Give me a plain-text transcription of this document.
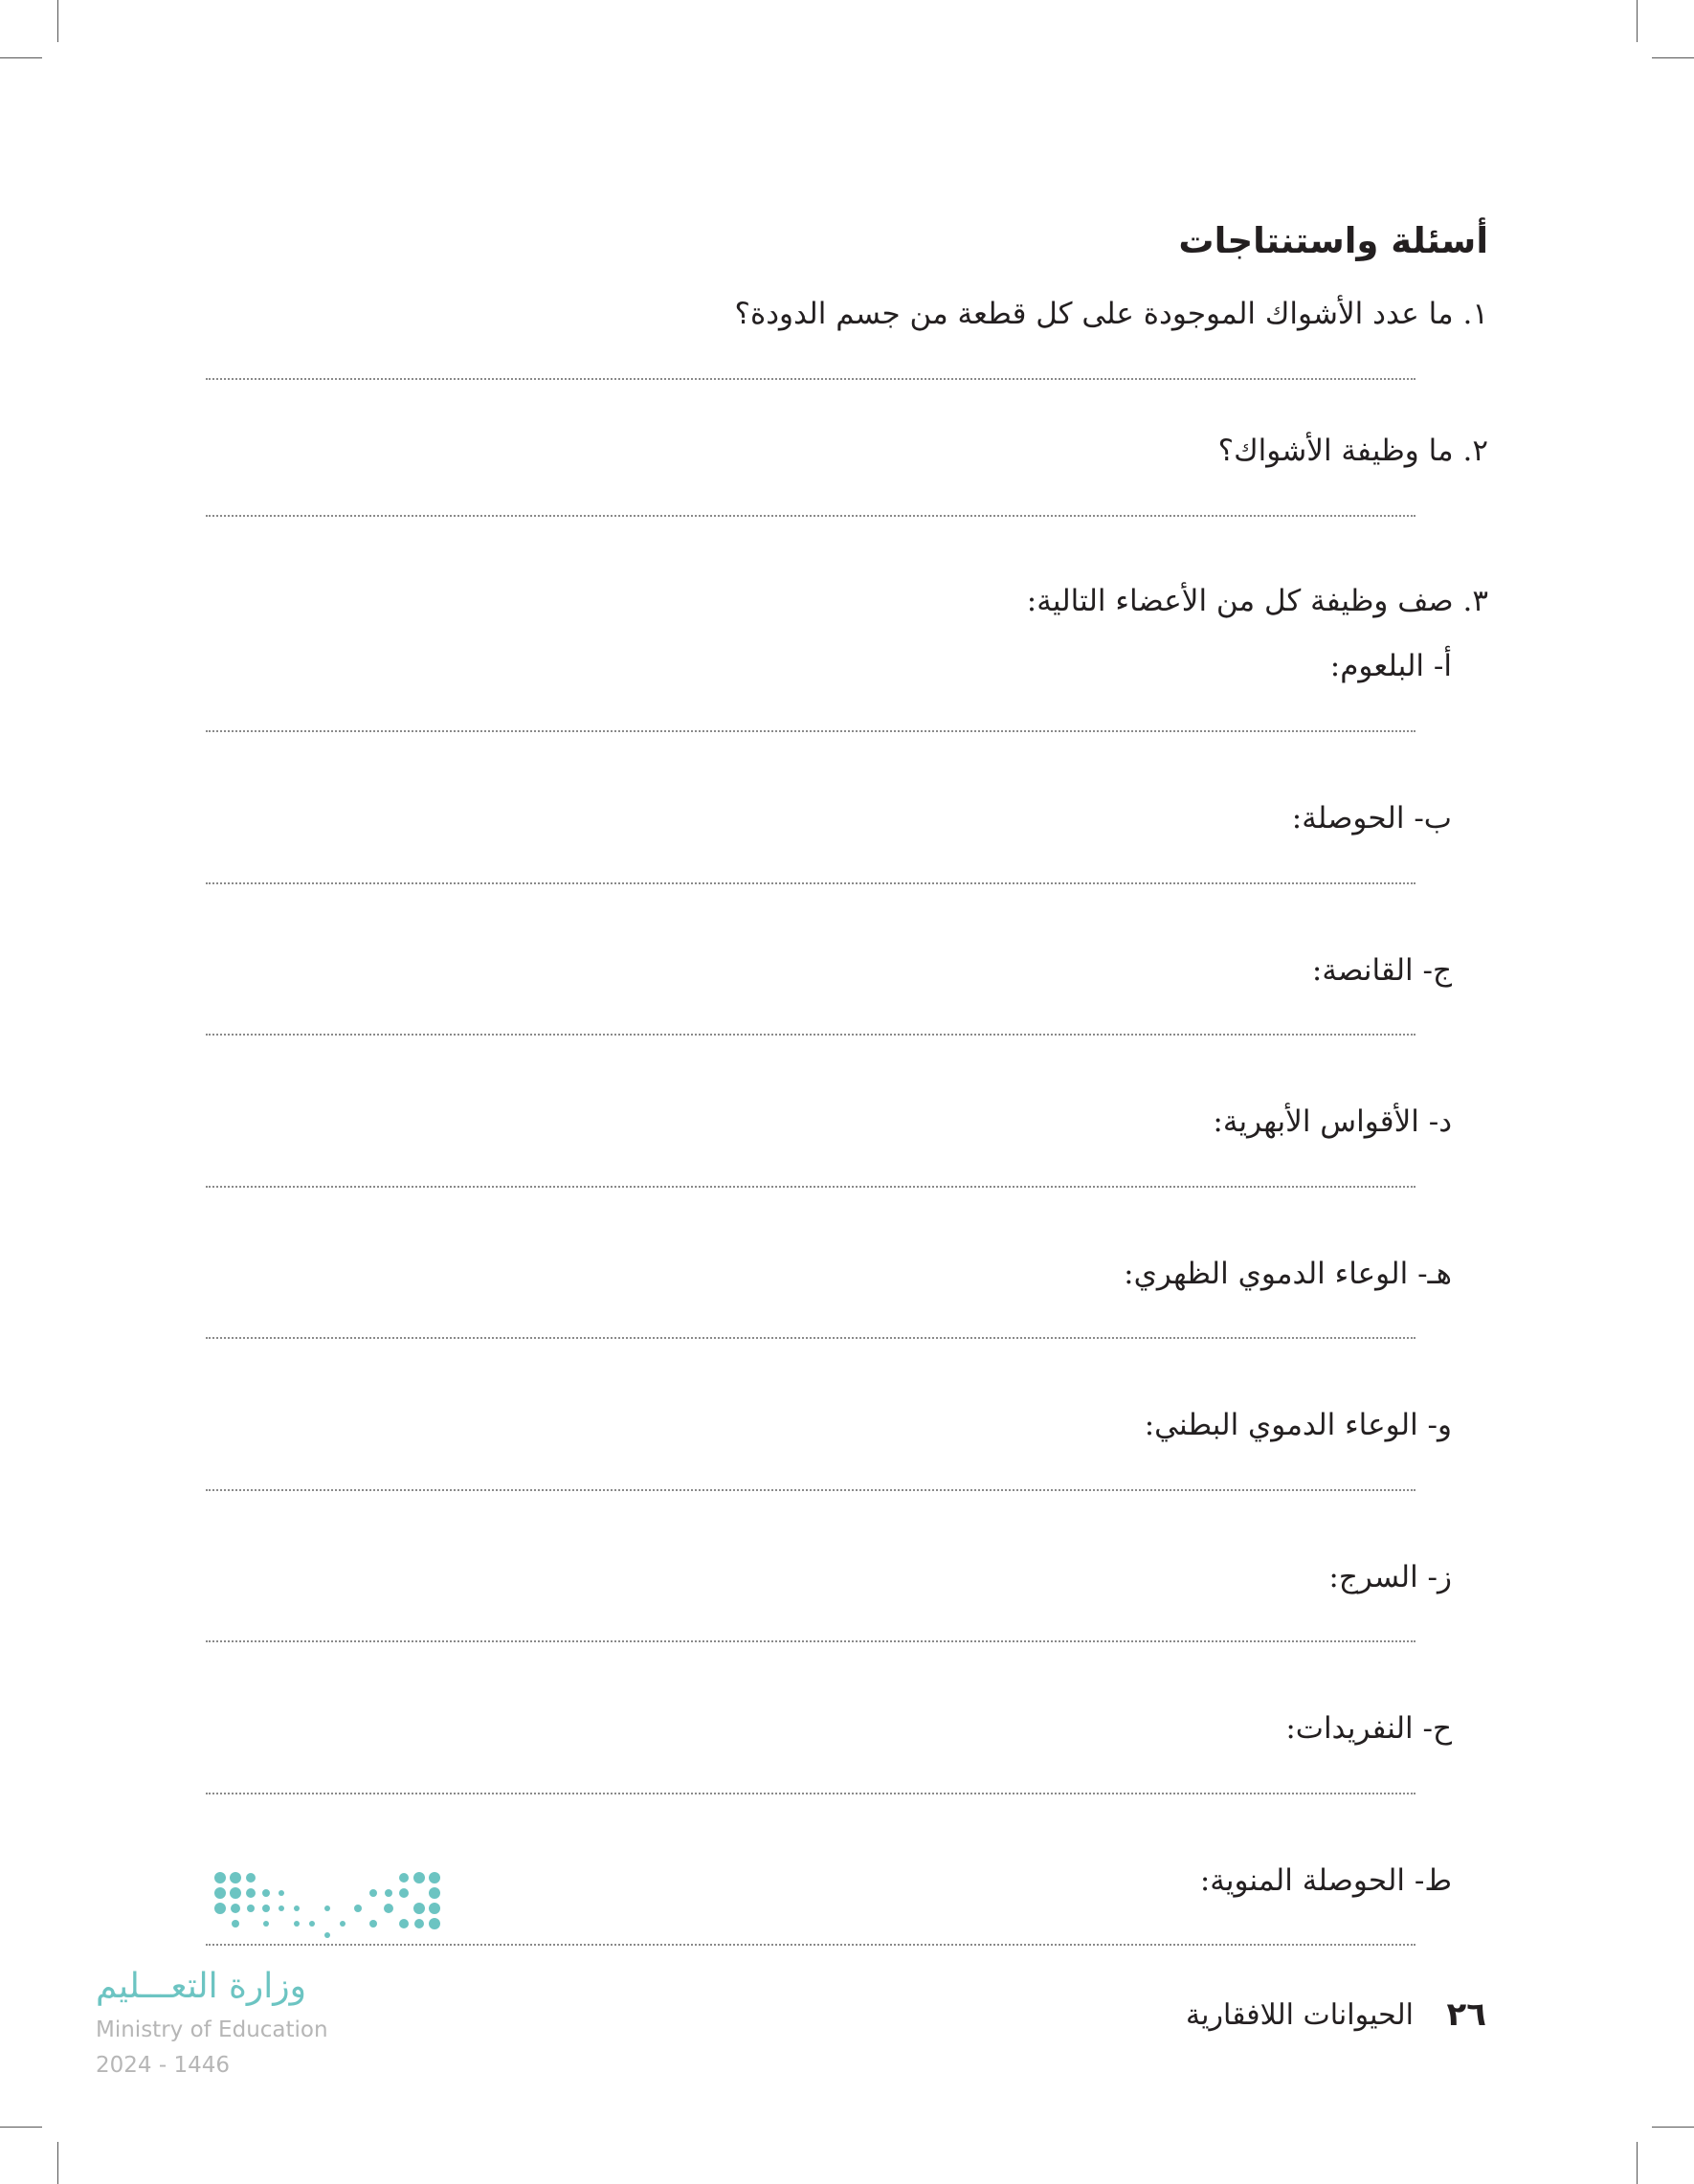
أسئلة واستنتاجات
١. ما عدد الأشواك الموجودة على كل قطعة من جسم الدودة؟
٢. ما وظيفة الأشواك؟
٣. صف وظيفة كل من الأعضاء التالية:
أ- البلعوم:
ب- الحوصلة:
ج- القانصة:
د- الأقواس الأبهرية:
هـ- الوعاء الدموي الظهري:
و- الوعاء الدموي البطني:
ز- السرج:
ح- النفريدات:
ط- الحوصلة المنوية:
وزارة التعـــليم
Ministry of Education
2024 - 1446
٢٦
الحيوانات اللافقارية
